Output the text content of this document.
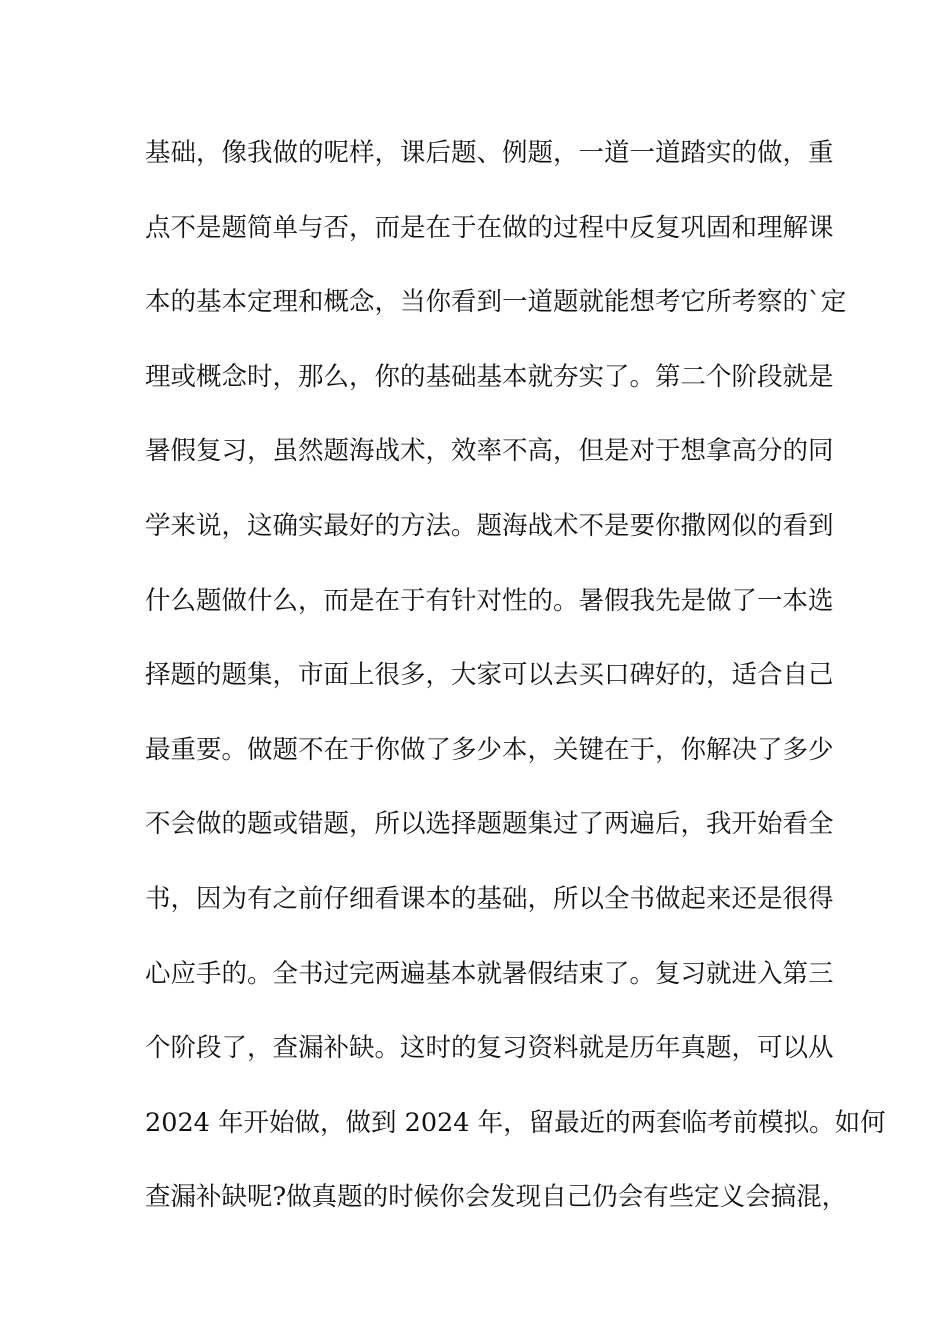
基础，像我做的呢样，课后题、例题，一道一道踏实的做，重
点不是题简单与否，而是在于在做的过程中反复巩固和理解课
本的基本定理和概念，当你看到一道题就能想考它所考察的`定
理或概念时，那么，你的基础基本就夯实了。第二个阶段就是
暑假复习，虽然题海战术，效率不高，但是对于想拿高分的同
学来说，这确实最好的方法。题海战术不是要你撒网似的看到
什么题做什么，而是在于有针对性的。暑假我先是做了一本选
择题的题集，市面上很多，大家可以去买口碑好的，适合自己
最重要。做题不在于你做了多少本，关键在于，你解决了多少
不会做的题或错题，所以选择题题集过了两遍后，我开始看全
书，因为有之前仔细看课本的基础，所以全书做起来还是很得
心应手的。全书过完两遍基本就暑假结束了。复习就进入第三
个阶段了，查漏补缺。这时的复习资料就是历年真题，可以从
2024 年开始做，做到 2024 年，留最近的两套临考前模拟。如何
查漏补缺呢?做真题的时候你会发现自己仍会有些定义会搞混，
